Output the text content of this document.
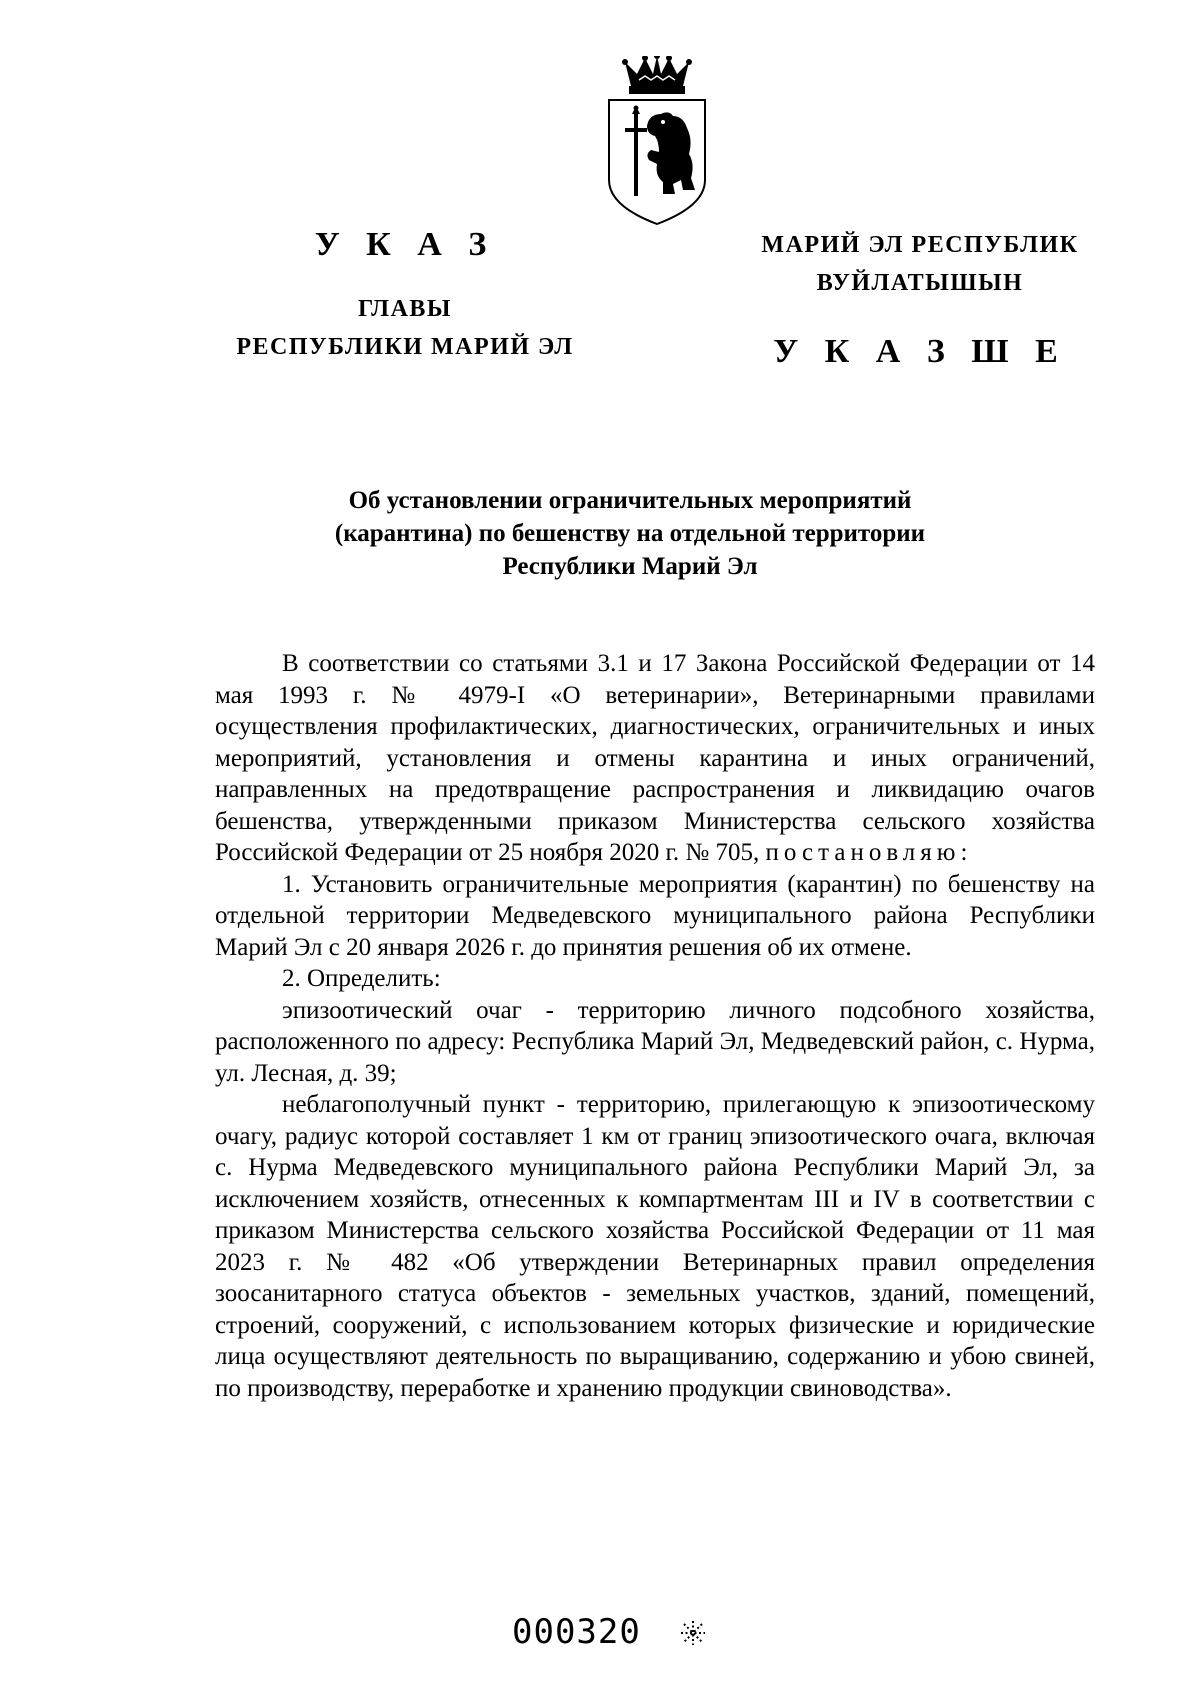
У К А З
ГЛАВЫ
РЕСПУБЛИКИ МАРИЙ ЭЛ
МАРИЙ ЭЛ РЕСПУБЛИК
ВУЙЛАТЫШЫН
У К А З Ш Е
Об установлении ограничительных мероприятий
(карантина) по бешенству на отдельной территории
Республики Марий Эл

В соответствии со статьями 3.1 и 17 Закона Российской Федерации от 14 мая 1993 г. № 4979-I «О ветеринарии», Ветеринарными правилами осуществления профилактических, диагностических, ограничительных и иных мероприятий, установления и отмены карантина и иных ограничений, направленных на предотвращение распространения и ликвидацию очагов бешенства, утвержденными приказом Министерства сельского хозяйства Российской Федерации от 25 ноября 2020 г. № 705, постановляю:

1. Установить ограничительные мероприятия (карантин) по бешенству на отдельной территории Медведевского муниципального района Республики Марий Эл с 20 января 2026 г. до принятия решения об их отмене.

2. Определить:

эпизоотический очаг - территорию личного подсобного хозяйства, расположенного по адресу: Республика Марий Эл, Медведевский район, с. Нурма, ул. Лесная, д. 39;

неблагополучный пункт - территорию, прилегающую к эпизоотическому очагу, радиус которой составляет 1 км от границ эпизоотического очага, включая с. Нурма Медведевского муниципального района Республики Марий Эл, за исключением хозяйств, отнесенных к компартментам III и IV в соответствии с приказом Министерства сельского хозяйства Российской Федерации от 11 мая 2023 г. № 482 «Об утверждении Ветеринарных правил определения зоосанитарного статуса объектов - земельных участков, зданий, помещений, строений, сооружений, с использованием которых физические и юридические лица осуществляют деятельность по выращиванию, содержанию и убою свиней, по производству, переработке и хранению продукции свиноводства».

000320
